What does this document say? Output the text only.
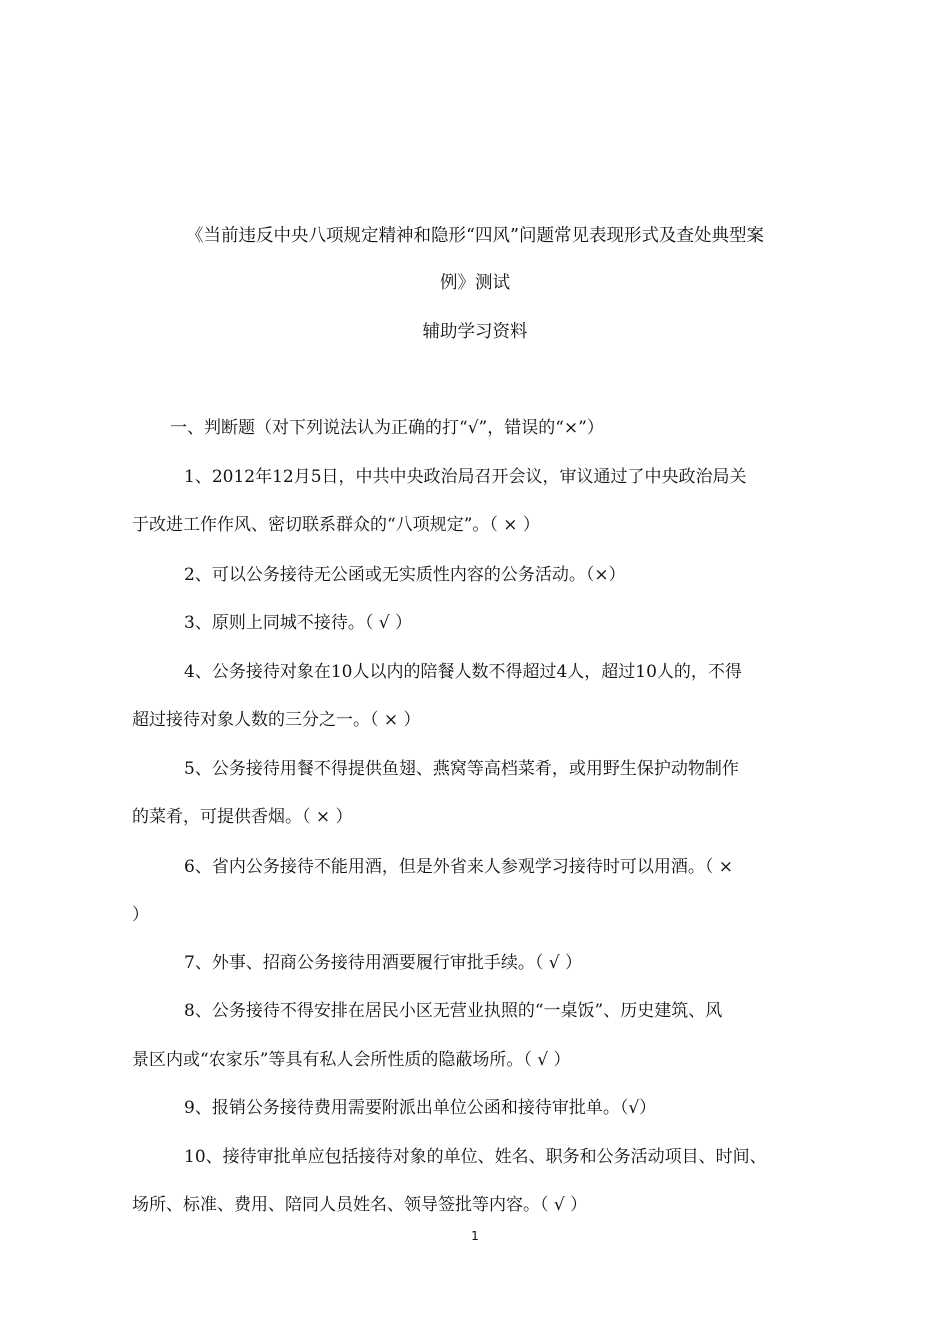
《当前违反中央八项规定精神和隐形“四风”问题常见表现形式及查处典型案
例》测试
辅助学习资料
一、判断题（对下列说法认为正确的打“√”，错误的“×”）
1、2012年12月5日，中共中央政治局召开会议，审议通过了中央政治局关
于改进工作作风、密切联系群众的“八项规定”。（ × ）
2、可以公务接待无公函或无实质性内容的公务活动。（×）
3、原则上同城不接待。（ √ ）
4、公务接待对象在10人以内的陪餐人数不得超过4人，超过10人的，不得
超过接待对象人数的三分之一。（ × ）
5、公务接待用餐不得提供鱼翅、燕窝等高档菜肴，或用野生保护动物制作
的菜肴，可提供香烟。（ × ）
6、省内公务接待不能用酒，但是外省来人参观学习接待时可以用酒。（ ×
）
7、外事、招商公务接待用酒要履行审批手续。（ √ ）
8、公务接待不得安排在居民小区无营业执照的“一桌饭”、历史建筑、风
景区内或“农家乐”等具有私人会所性质的隐蔽场所。（ √ ）
9、报销公务接待费用需要附派出单位公函和接待审批单。（√）
10、接待审批单应包括接待对象的单位、姓名、职务和公务活动项目、时间、
场所、标准、费用、陪同人员姓名、领导签批等内容。（ √ ）
1
